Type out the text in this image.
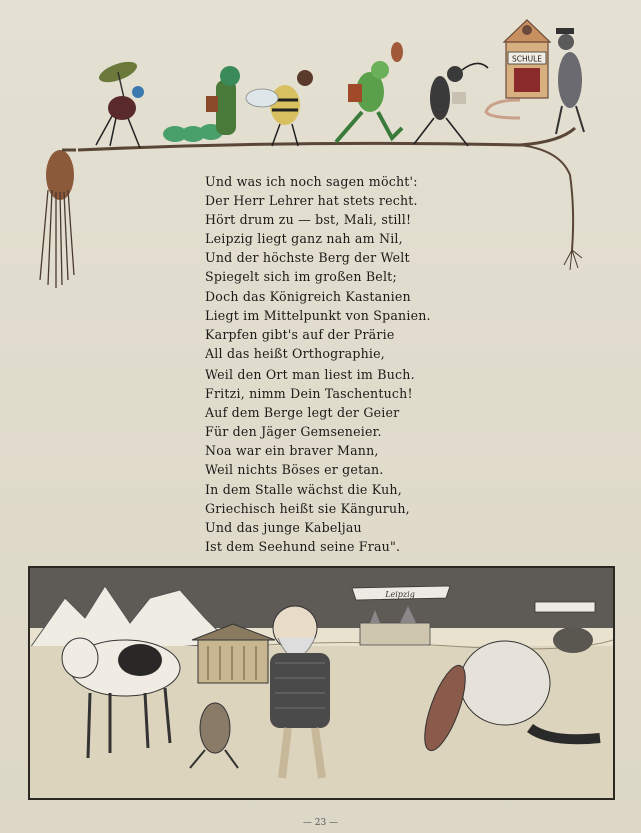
SCHULE
Und was ich noch sagen möcht':
Der Herr Lehrer hat stets recht.
Hört drum zu — bst, Mali, still!
Leipzig liegt ganz nah am Nil,
Und der höchste Berg der Welt
Spiegelt sich im großen Belt;
Doch das Königreich Kastanien
Liegt im Mittelpunkt von Spanien.
Karpfen gibt's auf der Prärie
All das heißt Orthographie,
Weil den Ort man liest im Buch.
Fritzi, nimm Dein Taschentuch!
Auf dem Berge legt der Geier
Für den Jäger Gemseneier.
Noa war ein braver Mann,
Weil nichts Böses er getan.
In dem Stalle wächst die Kuh,
Griechisch heißt sie Känguruh,
Und das junge Kabeljau
Ist dem Seehund seine Frau".
Leipzig
— 23 —
